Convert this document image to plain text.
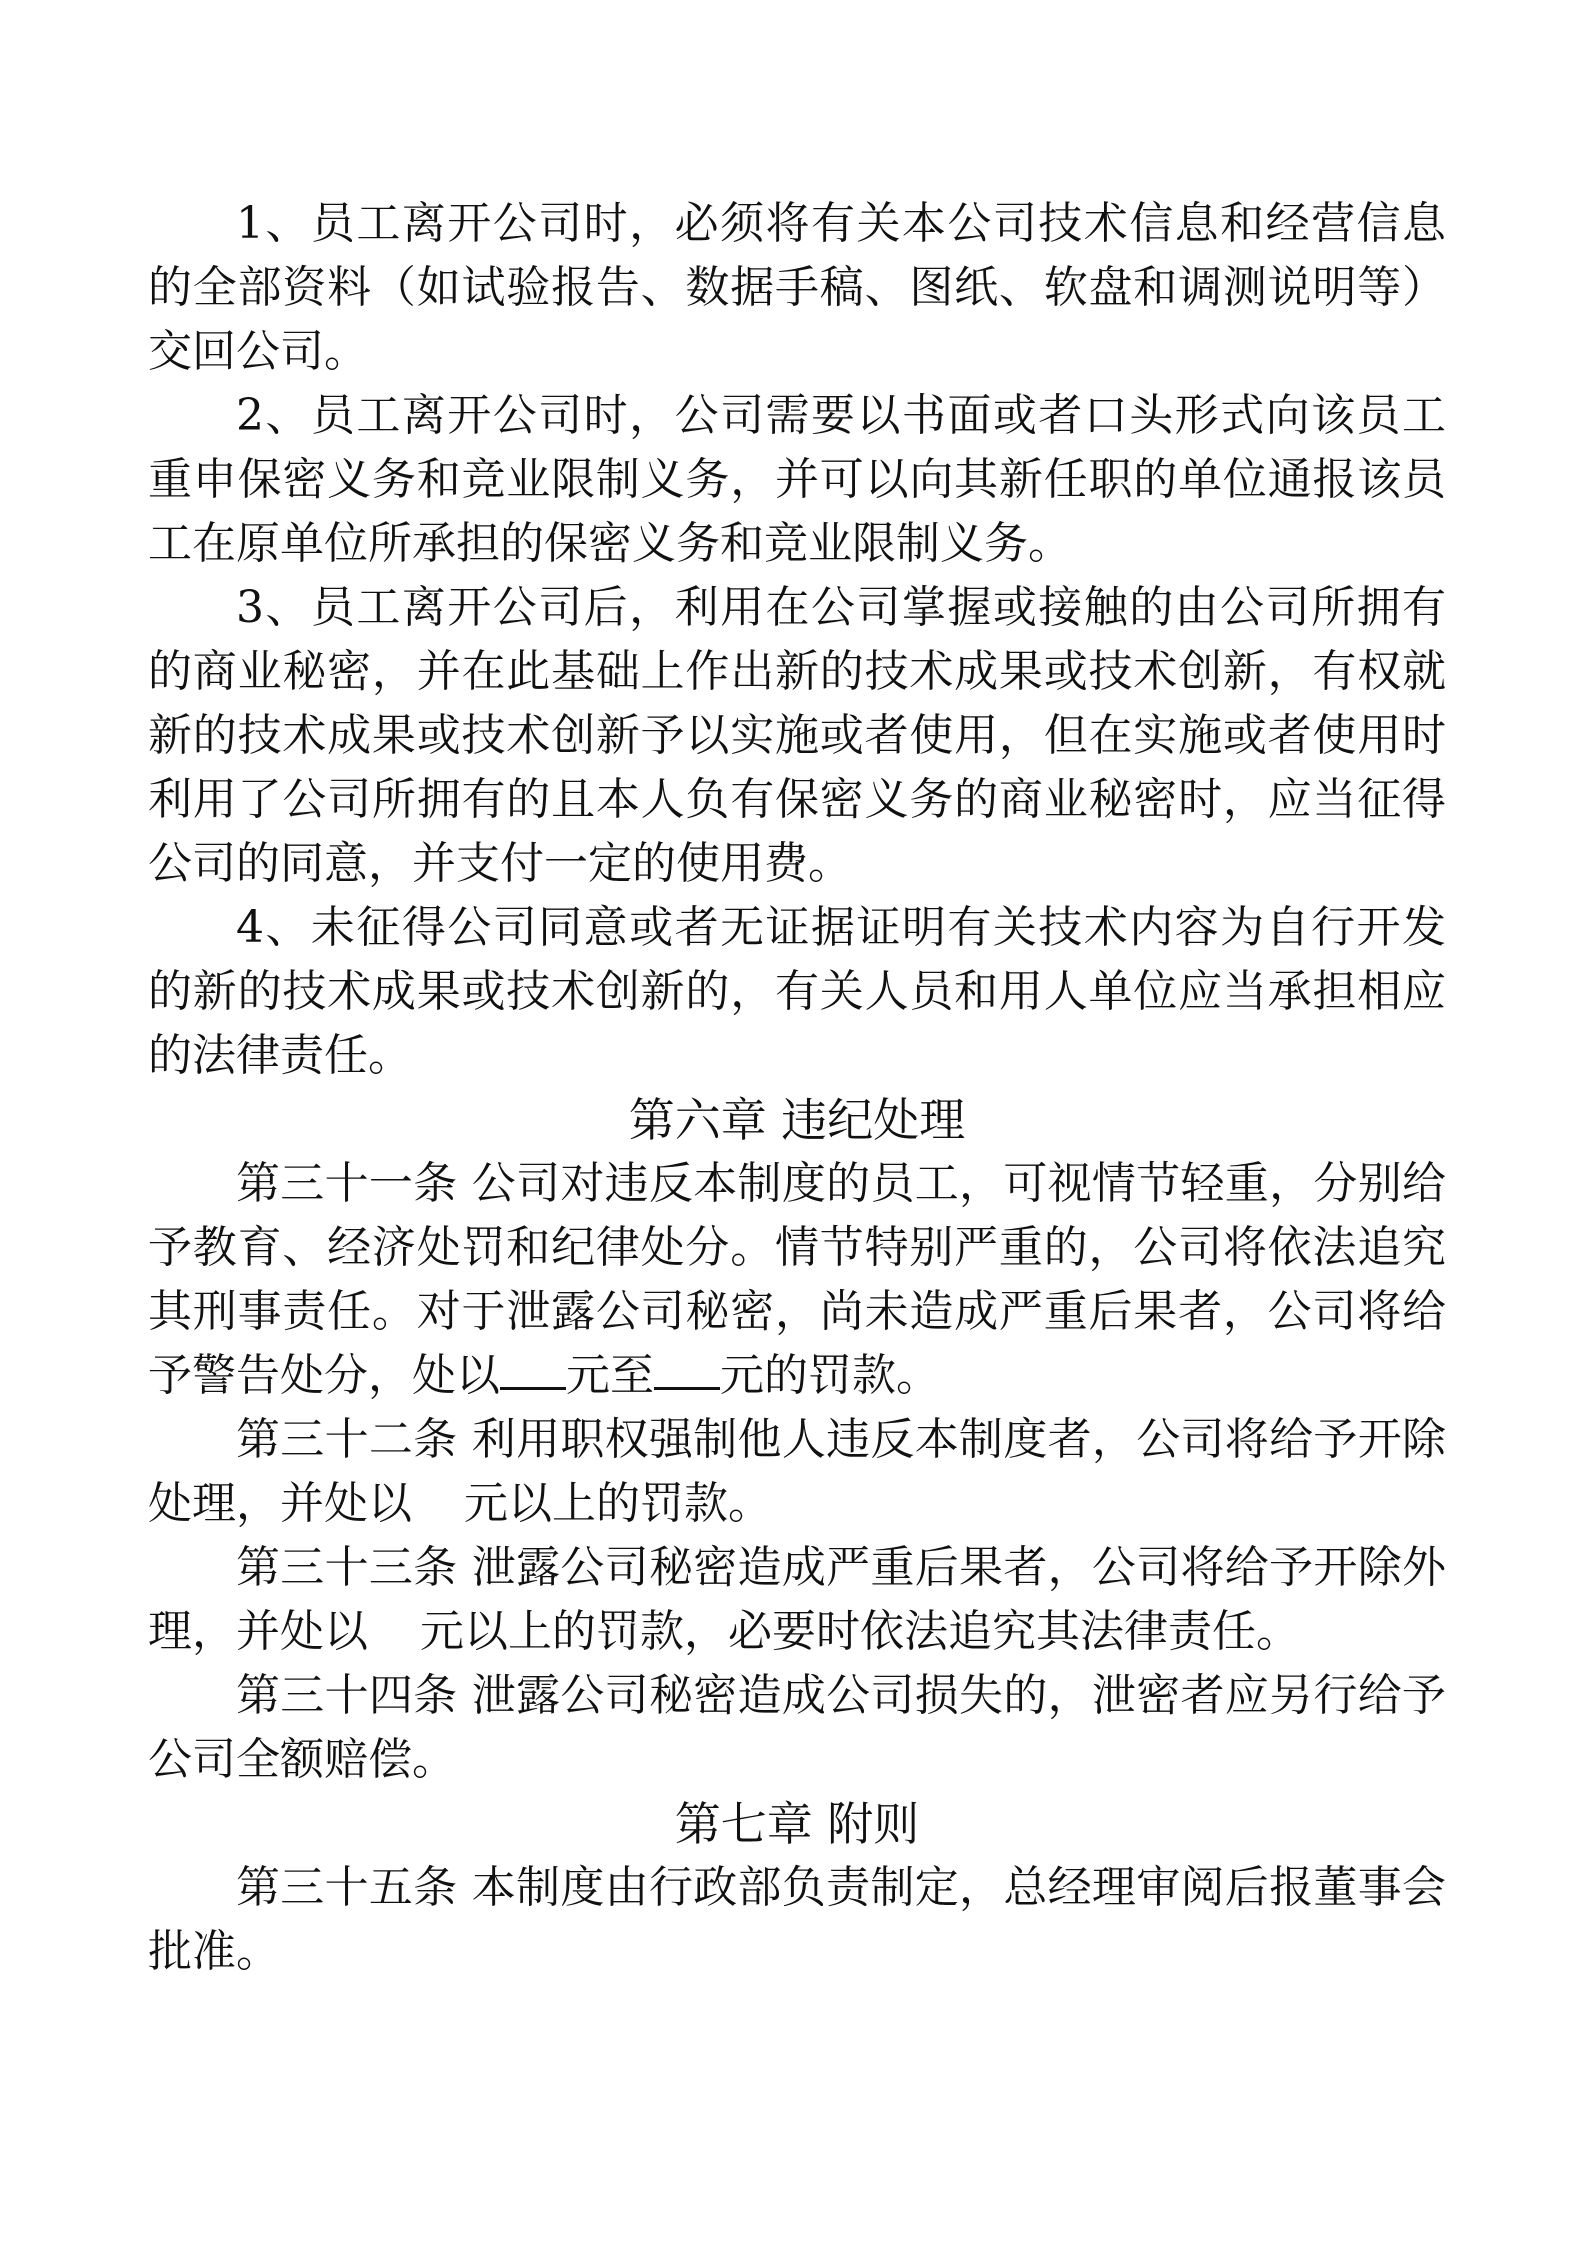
1、员工离开公司时，必须将有关本公司技术信息和经营信息的全部资料（如试验报告、数据手稿、图纸、软盘和调测说明等）交回公司。

2、员工离开公司时，公司需要以书面或者口头形式向该员工重申保密义务和竞业限制义务，并可以向其新任职的单位通报该员工在原单位所承担的保密义务和竞业限制义务。

3、员工离开公司后，利用在公司掌握或接触的由公司所拥有的商业秘密，并在此基础上作出新的技术成果或技术创新，有权就新的技术成果或技术创新予以实施或者使用，但在实施或者使用时利用了公司所拥有的且本人负有保密义务的商业秘密时，应当征得公司的同意，并支付一定的使用费。

4、未征得公司同意或者无证据证明有关技术内容为自行开发的新的技术成果或技术创新的，有关人员和用人单位应当承担相应的法律责任。

第六章 违纪处理

第三十一条 公司对违反本制度的员工，可视情节轻重，分别给予教育、经济处罚和纪律处分。情节特别严重的，公司将依法追究其刑事责任。对于泄露公司秘密，尚未造成严重后果者，公司将给予警告处分，处以 元至 元的罚款。

第三十二条 利用职权强制他人违反本制度者，公司将给予开除处理，并处以 元以上的罚款。

第三十三条 泄露公司秘密造成严重后果者，公司将给予开除外理，并处以 元以上的罚款，必要时依法追究其法律责任。

第三十四条 泄露公司秘密造成公司损失的，泄密者应另行给予公司全额赔偿。

第七章 附则

第三十五条 本制度由行政部负责制定，总经理审阅后报董事会批准。
